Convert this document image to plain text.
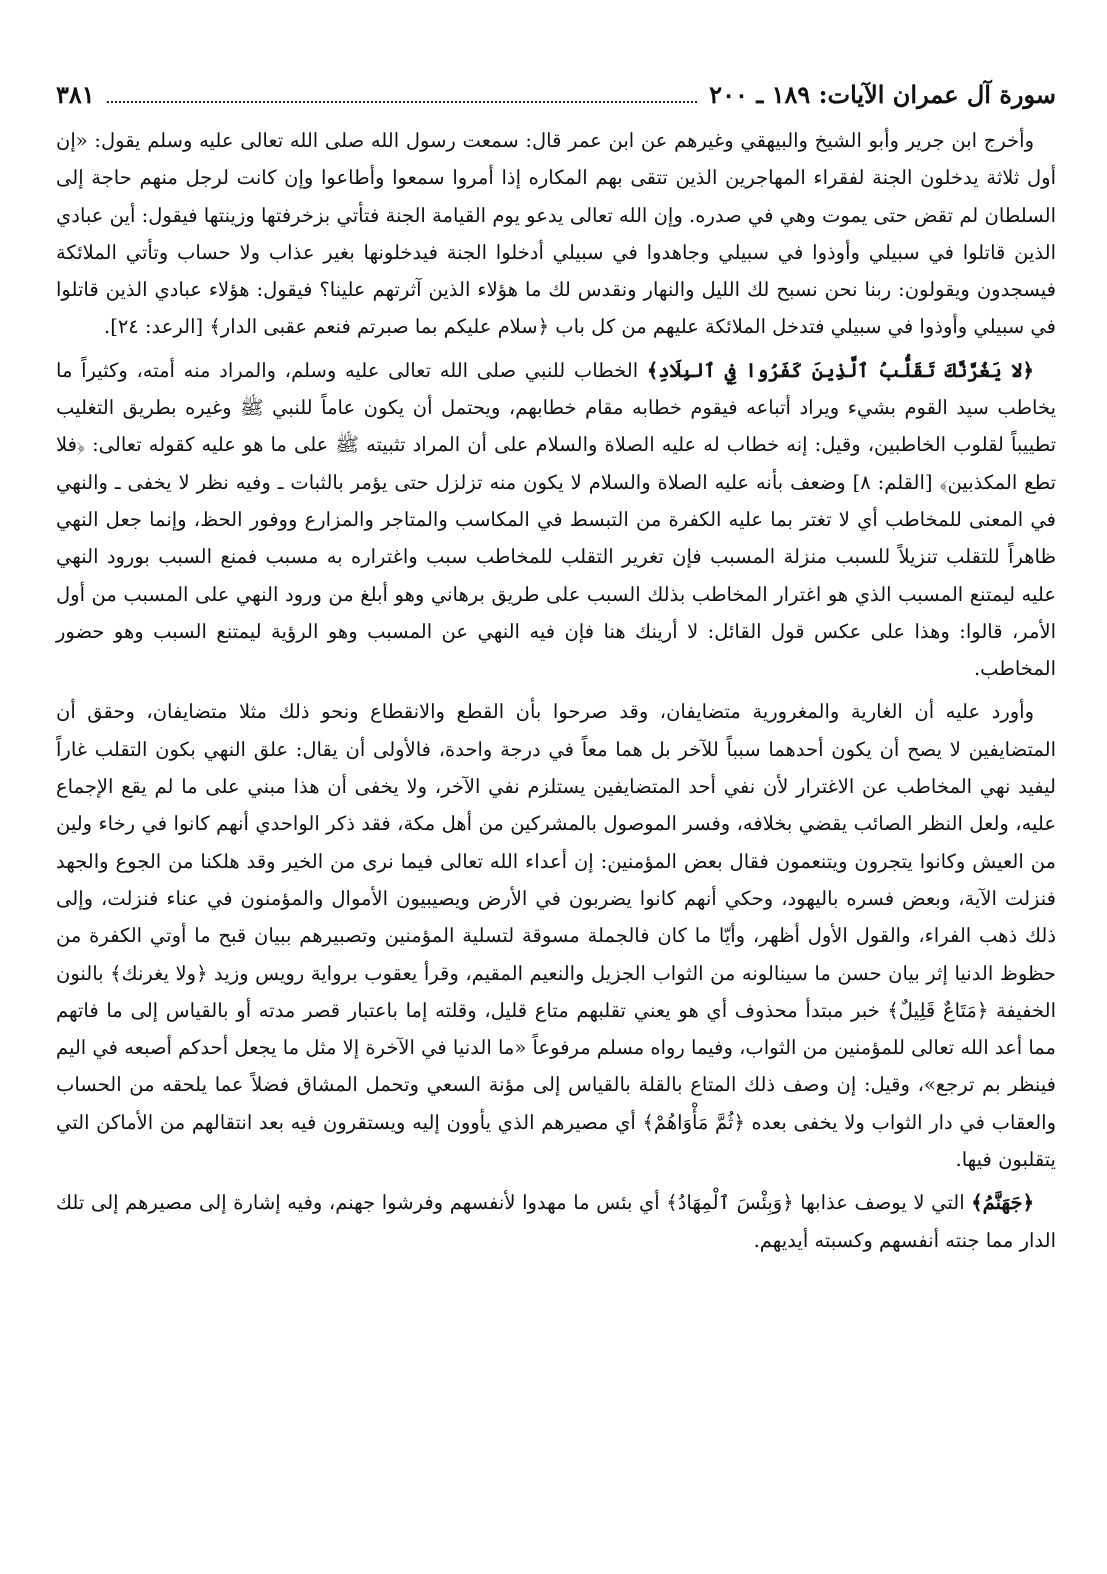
سورة آل عمران الآيات: ١٨٩ ـ ٢٠٠
٣٨١

وأخرج ابن جرير وأبو الشيخ والبيهقي وغيرهم عن ابن عمر قال: سمعت رسول الله صلى الله تعالى عليه وسلم يقول: «إن أول ثلاثة يدخلون الجنة لفقراء المهاجرين الذين تتقى بهم المكاره إذا أمروا سمعوا وأطاعوا وإن كانت لرجل منهم حاجة إلى السلطان لم تقض حتى يموت وهي في صدره. وإن الله تعالى يدعو يوم القيامة الجنة فتأتي بزخرفتها وزينتها فيقول: أين عبادي الذين قاتلوا في سبيلي وأوذوا في سبيلي وجاهدوا في سبيلي أدخلوا الجنة فيدخلونها بغير عذاب ولا حساب وتأتي الملائكة فيسجدون ويقولون: ربنا نحن نسبح لك الليل والنهار ونقدس لك ما هؤلاء الذين آثرتهم علينا؟ فيقول: هؤلاء عبادي الذين قاتلوا في سبيلي وأوذوا في سبيلي فتدخل الملائكة عليهم من كل باب ﴿سلام عليكم بما صبرتم فنعم عقبى الدار﴾ [الرعد: ٢٤].

﴿لا يَغُرَّنَّكَ تَقَلُّبُ ٱلَّذِينَ كَفَرُوا فِي ٱلبِلَادِ﴾ الخطاب للنبي صلى الله تعالى عليه وسلم، والمراد منه أمته، وكثيراً ما يخاطب سيد القوم بشيء ويراد أتباعه فيقوم خطابه مقام خطابهم، ويحتمل أن يكون عاماً للنبي ﷺ وغيره بطريق التغليب تطييباً لقلوب الخاطبين، وقيل: إنه خطاب له عليه الصلاة والسلام على أن المراد تثبيته ﷺ على ما هو عليه كقوله تعالى: ﴿فلا تطع المكذبين﴾ [القلم: ٨] وضعف بأنه عليه الصلاة والسلام لا يكون منه تزلزل حتى يؤمر بالثبات ـ وفيه نظر لا يخفى ـ والنهي في المعنى للمخاطب أي لا تغتر بما عليه الكفرة من التبسط في المكاسب والمتاجر والمزارع ووفور الحظ، وإنما جعل النهي ظاهراً للتقلب تنزيلاً للسبب منزلة المسبب فإن تغرير التقلب للمخاطب سبب واغتراره به مسبب فمنع السبب بورود النهي عليه ليمتنع المسبب الذي هو اغترار المخاطب بذلك السبب على طريق برهاني وهو أبلغ من ورود النهي على المسبب من أول الأمر، قالوا: وهذا على عكس قول القائل: لا أرينك هنا فإن فيه النهي عن المسبب وهو الرؤية ليمتنع السبب وهو حضور المخاطب.

وأورد عليه أن الغارية والمغرورية متضايفان، وقد صرحوا بأن القطع والانقطاع ونحو ذلك مثلا متضايفان، وحقق أن المتضايفين لا يصح أن يكون أحدهما سبباً للآخر بل هما معاً في درجة واحدة، فالأولى أن يقال: علق النهي بكون التقلب غاراً ليفيد نهي المخاطب عن الاغترار لأن نفي أحد المتضايفين يستلزم نفي الآخر، ولا يخفى أن هذا مبني على ما لم يقع الإجماع عليه، ولعل النظر الصائب يقضي بخلافه، وفسر الموصول بالمشركين من أهل مكة، فقد ذكر الواحدي أنهم كانوا في رخاء ولين من العيش وكانوا يتجرون ويتنعمون فقال بعض المؤمنين: إن أعداء الله تعالى فيما نرى من الخير وقد هلكنا من الجوع والجهد فنزلت الآية، وبعض فسره باليهود، وحكي أنهم كانوا يضربون في الأرض ويصيبيون الأموال والمؤمنون في عناء فنزلت، وإلى ذلك ذهب الفراء، والقول الأول أظهر، وأيّا ما كان فالجملة مسوقة لتسلية المؤمنين وتصبيرهم ببيان قبح ما أوتي الكفرة من حظوظ الدنيا إثر بيان حسن ما سينالونه من الثواب الجزيل والنعيم المقيم، وقرأ يعقوب برواية رويس وزيد ﴿ولا يغرنك﴾ بالنون الخفيفة ﴿مَتَاعٌ قَلِيلٌ﴾ خبر مبتدأ محذوف أي هو يعني تقلبهم متاع قليل، وقلته إما باعتبار قصر مدته أو بالقياس إلى ما فاتهم مما أعد الله تعالى للمؤمنين من الثواب، وفيما رواه مسلم مرفوعاً «ما الدنيا في الآخرة إلا مثل ما يجعل أحدكم أصبعه في اليم فينظر بم ترجع»، وقيل: إن وصف ذلك المتاع بالقلة بالقياس إلى مؤنة السعي وتحمل المشاق فضلاً عما يلحقه من الحساب والعقاب في دار الثواب ولا يخفى بعده ﴿ثُمَّ مَأْوَاهُمْ﴾ أي مصيرهم الذي يأوون إليه ويستقرون فيه بعد انتقالهم من الأماكن التي يتقلبون فيها.

﴿جَهَنَّمُ﴾ التي لا يوصف عذابها ﴿وَبِئْسَ ٱلْمِهَادُ﴾ أي بئس ما مهدوا لأنفسهم وفرشوا جهنم، وفيه إشارة إلى مصيرهم إلى تلك الدار مما جنته أنفسهم وكسبته أيديهم.
